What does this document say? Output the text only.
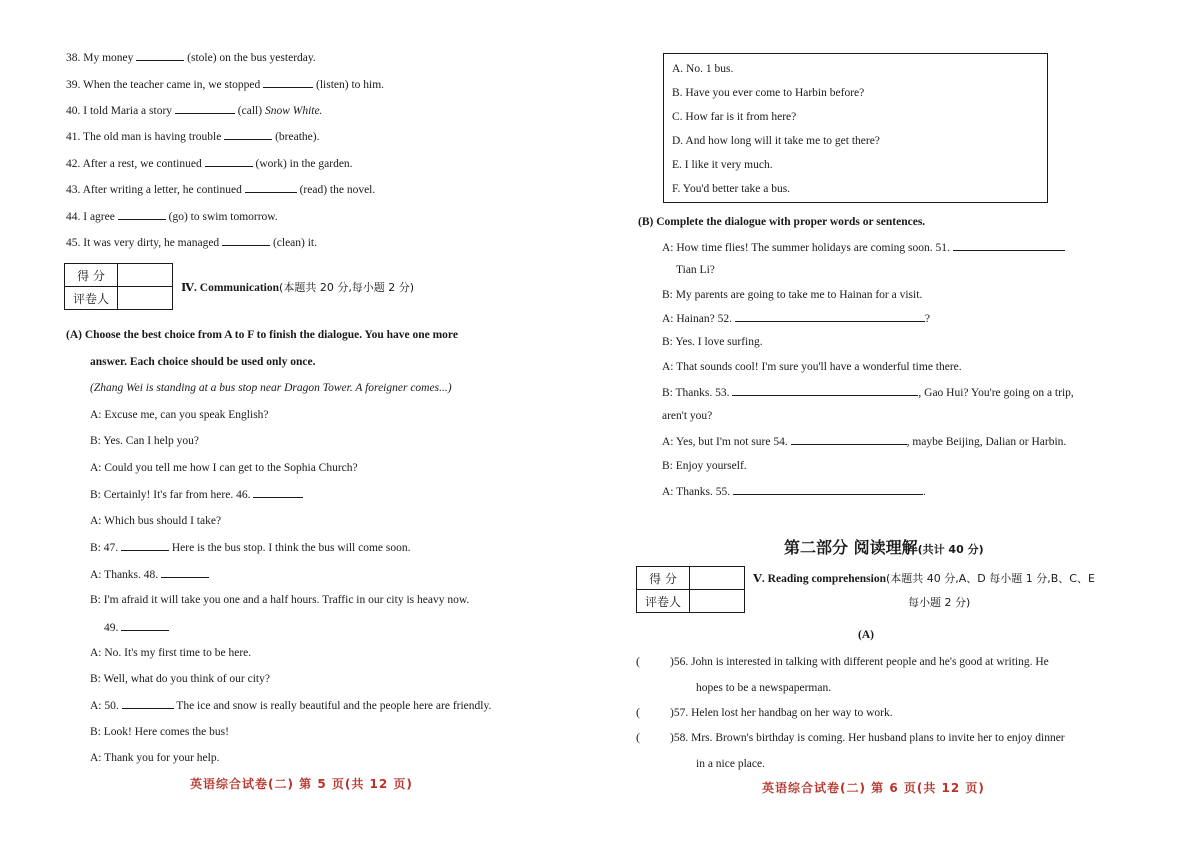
38. My money	(stole) on the bus yesterday.
39. When the teacher came in, we stopped	(listen) to him.
40. I told Maria a story	(call) Snow White.
41. The old man is having trouble	(breathe).
42. After a rest, we continued	(work) in the garden.
43. After writing a letter, he continued	(read) the novel.
44. I agree	(go) to swim tomorrow.
45. It was very dirty, he managed	(clean) it.
得 分	
评卷人	
Ⅳ. Communication(本题共 20 分,每小题 2 分)
(A) Choose the best choice from A to F to finish the dialogue. You have one more
answer. Each choice should be used only once.
(Zhang Wei is standing at a bus stop near Dragon Tower. A foreigner comes...)
A: Excuse me, can you speak English?
B: Yes. Can I help you?
A: Could you tell me how I can get to the Sophia Church?
B: Certainly! It's far from here. 46.
A: Which bus should I take?
B: 47.	Here is the bus stop. I think the bus will come soon.
A: Thanks. 48.
B: I'm afraid it will take you one and a half hours. Traffic in our city is heavy now.
49.
A: No. It's my first time to be here.
B: Well, what do you think of our city?
A: 50.	The ice and snow is really beautiful and the people here are friendly.
B: Look! Here comes the bus!
A: Thank you for your help.
英语综合试卷(二) 第 5 页(共 12 页)
A. No. 1 bus.
B. Have you ever come to Harbin before?
C. How far is it from here?
D. And how long will it take me to get there?
E. I like it very much.
F. You'd better take a bus.
(B) Complete the dialogue with proper words or sentences.
A: How time flies! The summer holidays are coming soon. 51.
Tian Li?
B: My parents are going to take me to Hainan for a visit.
A: Hainan? 52.	?
B: Yes. I love surfing.
A: That sounds cool! I'm sure you'll have a wonderful time there.
B: Thanks. 53.	, Gao Hui? You're going on a trip,
aren't you?
A: Yes, but I'm not sure 54.	, maybe Beijing, Dalian or Harbin.
B: Enjoy yourself.
A: Thanks. 55.	.
第二部分 阅读理解(共计 40 分)
得 分	
评卷人	
Ⅴ. Reading comprehension(本题共 40 分,A、D 每小题 1 分,B、C、E
每小题 2 分)
(A)
(	)56. John is interested in talking with different people and he's good at writing. He
hopes to be a newspaperman.
(	)57. Helen lost her handbag on her way to work.
(	)58. Mrs. Brown's birthday is coming. Her husband plans to invite her to enjoy dinner
in a nice place.
英语综合试卷(二) 第 6 页(共 12 页)
